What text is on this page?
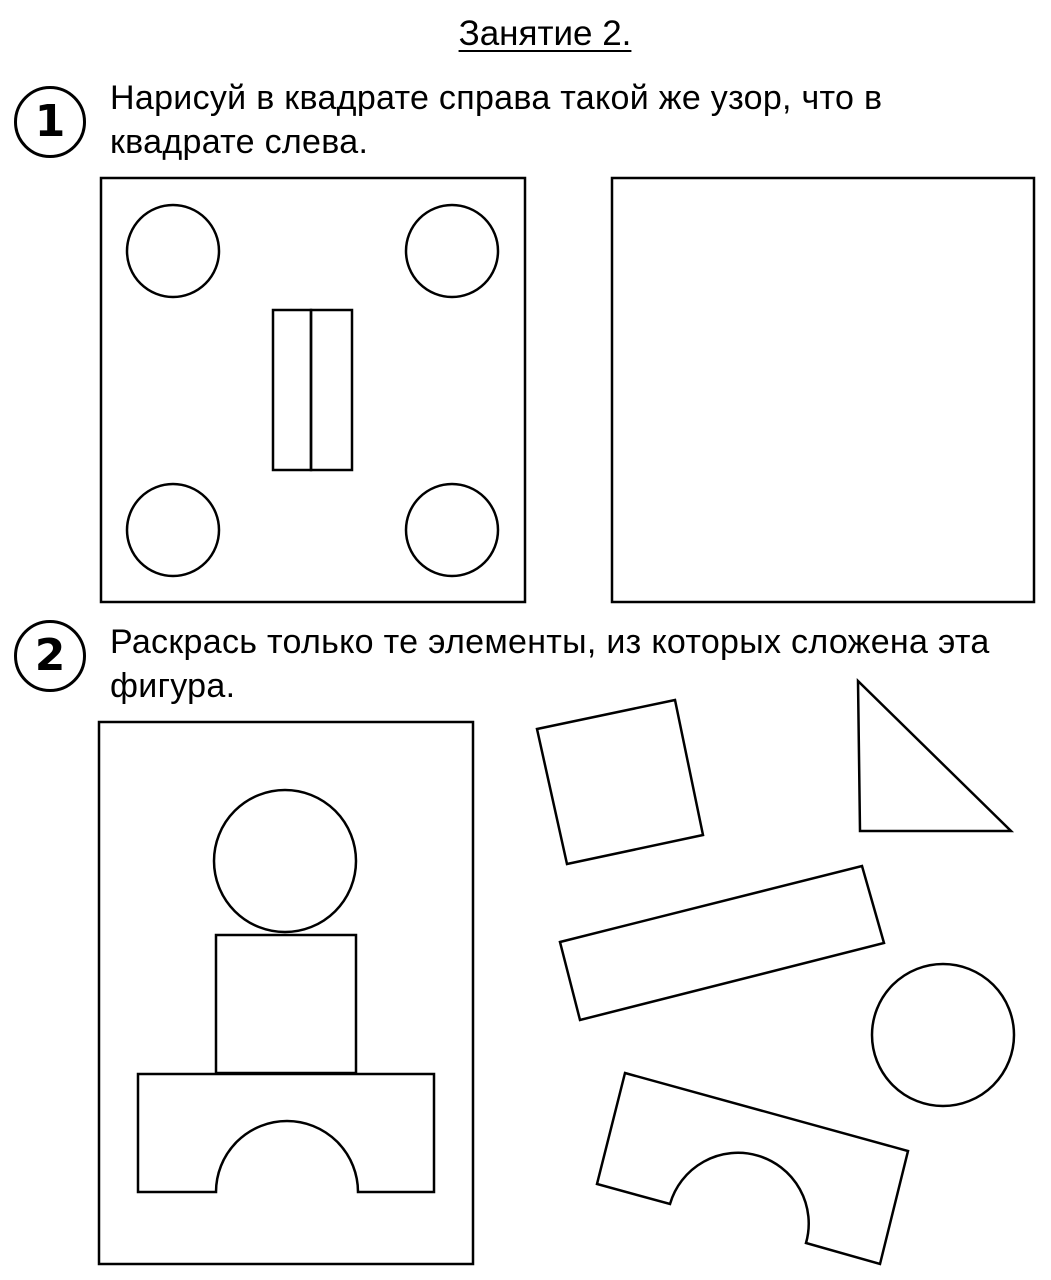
Занятие 2.
1	Нарисуй в квадрате справа такой же узор, что в квадрате слева.
2	Раскрась только те элементы, из которых сложена эта фигура.
